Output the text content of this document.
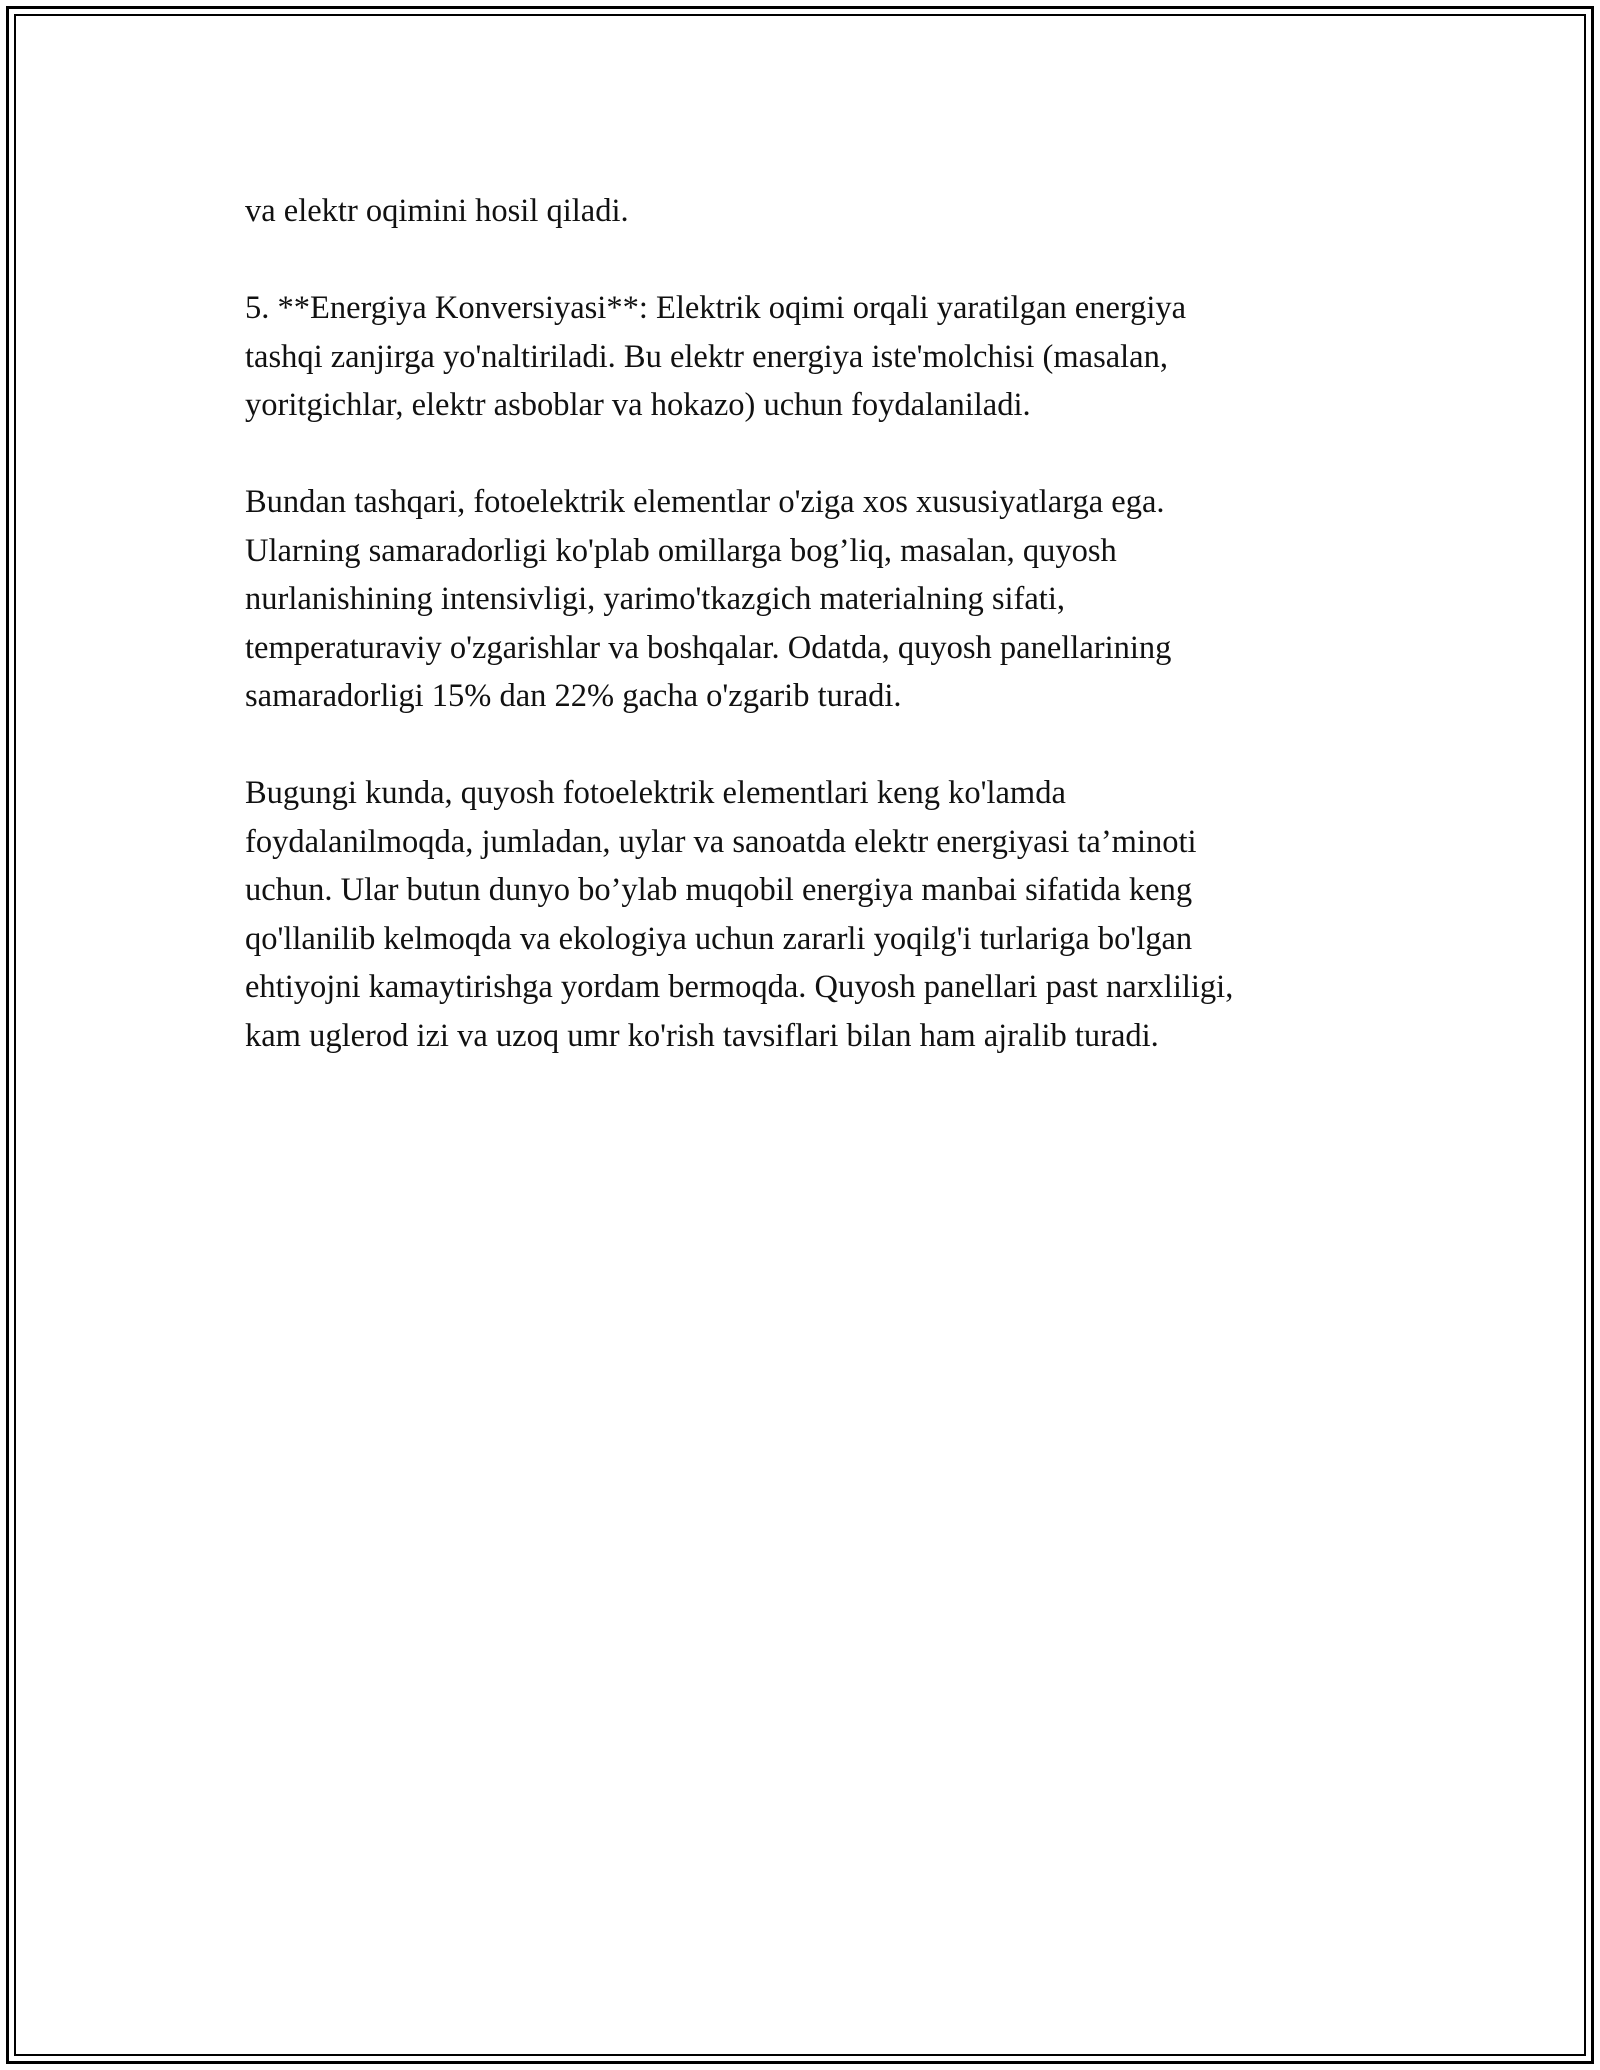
va elektr oqimini hosil qiladi.

5. **Energiya Konversiyasi**: Elektrik oqimi orqali yaratilgan energiya
tashqi zanjirga yo'naltiriladi. Bu elektr energiya iste'molchisi (masalan,
yoritgichlar, elektr asboblar va hokazo) uchun foydalaniladi.

Bundan tashqari, fotoelektrik elementlar o'ziga xos xususiyatlarga ega.
Ularning samaradorligi ko'plab omillarga bog’liq, masalan, quyosh
nurlanishining intensivligi, yarimo'tkazgich materialning sifati,
temperaturaviy o'zgarishlar va boshqalar. Odatda, quyosh panellarining
samaradorligi 15% dan 22% gacha o'zgarib turadi.

Bugungi kunda, quyosh fotoelektrik elementlari keng ko'lamda
foydalanilmoqda, jumladan, uylar va sanoatda elektr energiyasi ta’minoti
uchun. Ular butun dunyo bo’ylab muqobil energiya manbai sifatida keng
qo'llanilib kelmoqda va ekologiya uchun zararli yoqilg'i turlariga bo'lgan
ehtiyojni kamaytirishga yordam bermoqda. Quyosh panellari past narxliligi,
kam uglerod izi va uzoq umr ko'rish tavsiflari bilan ham ajralib turadi.
